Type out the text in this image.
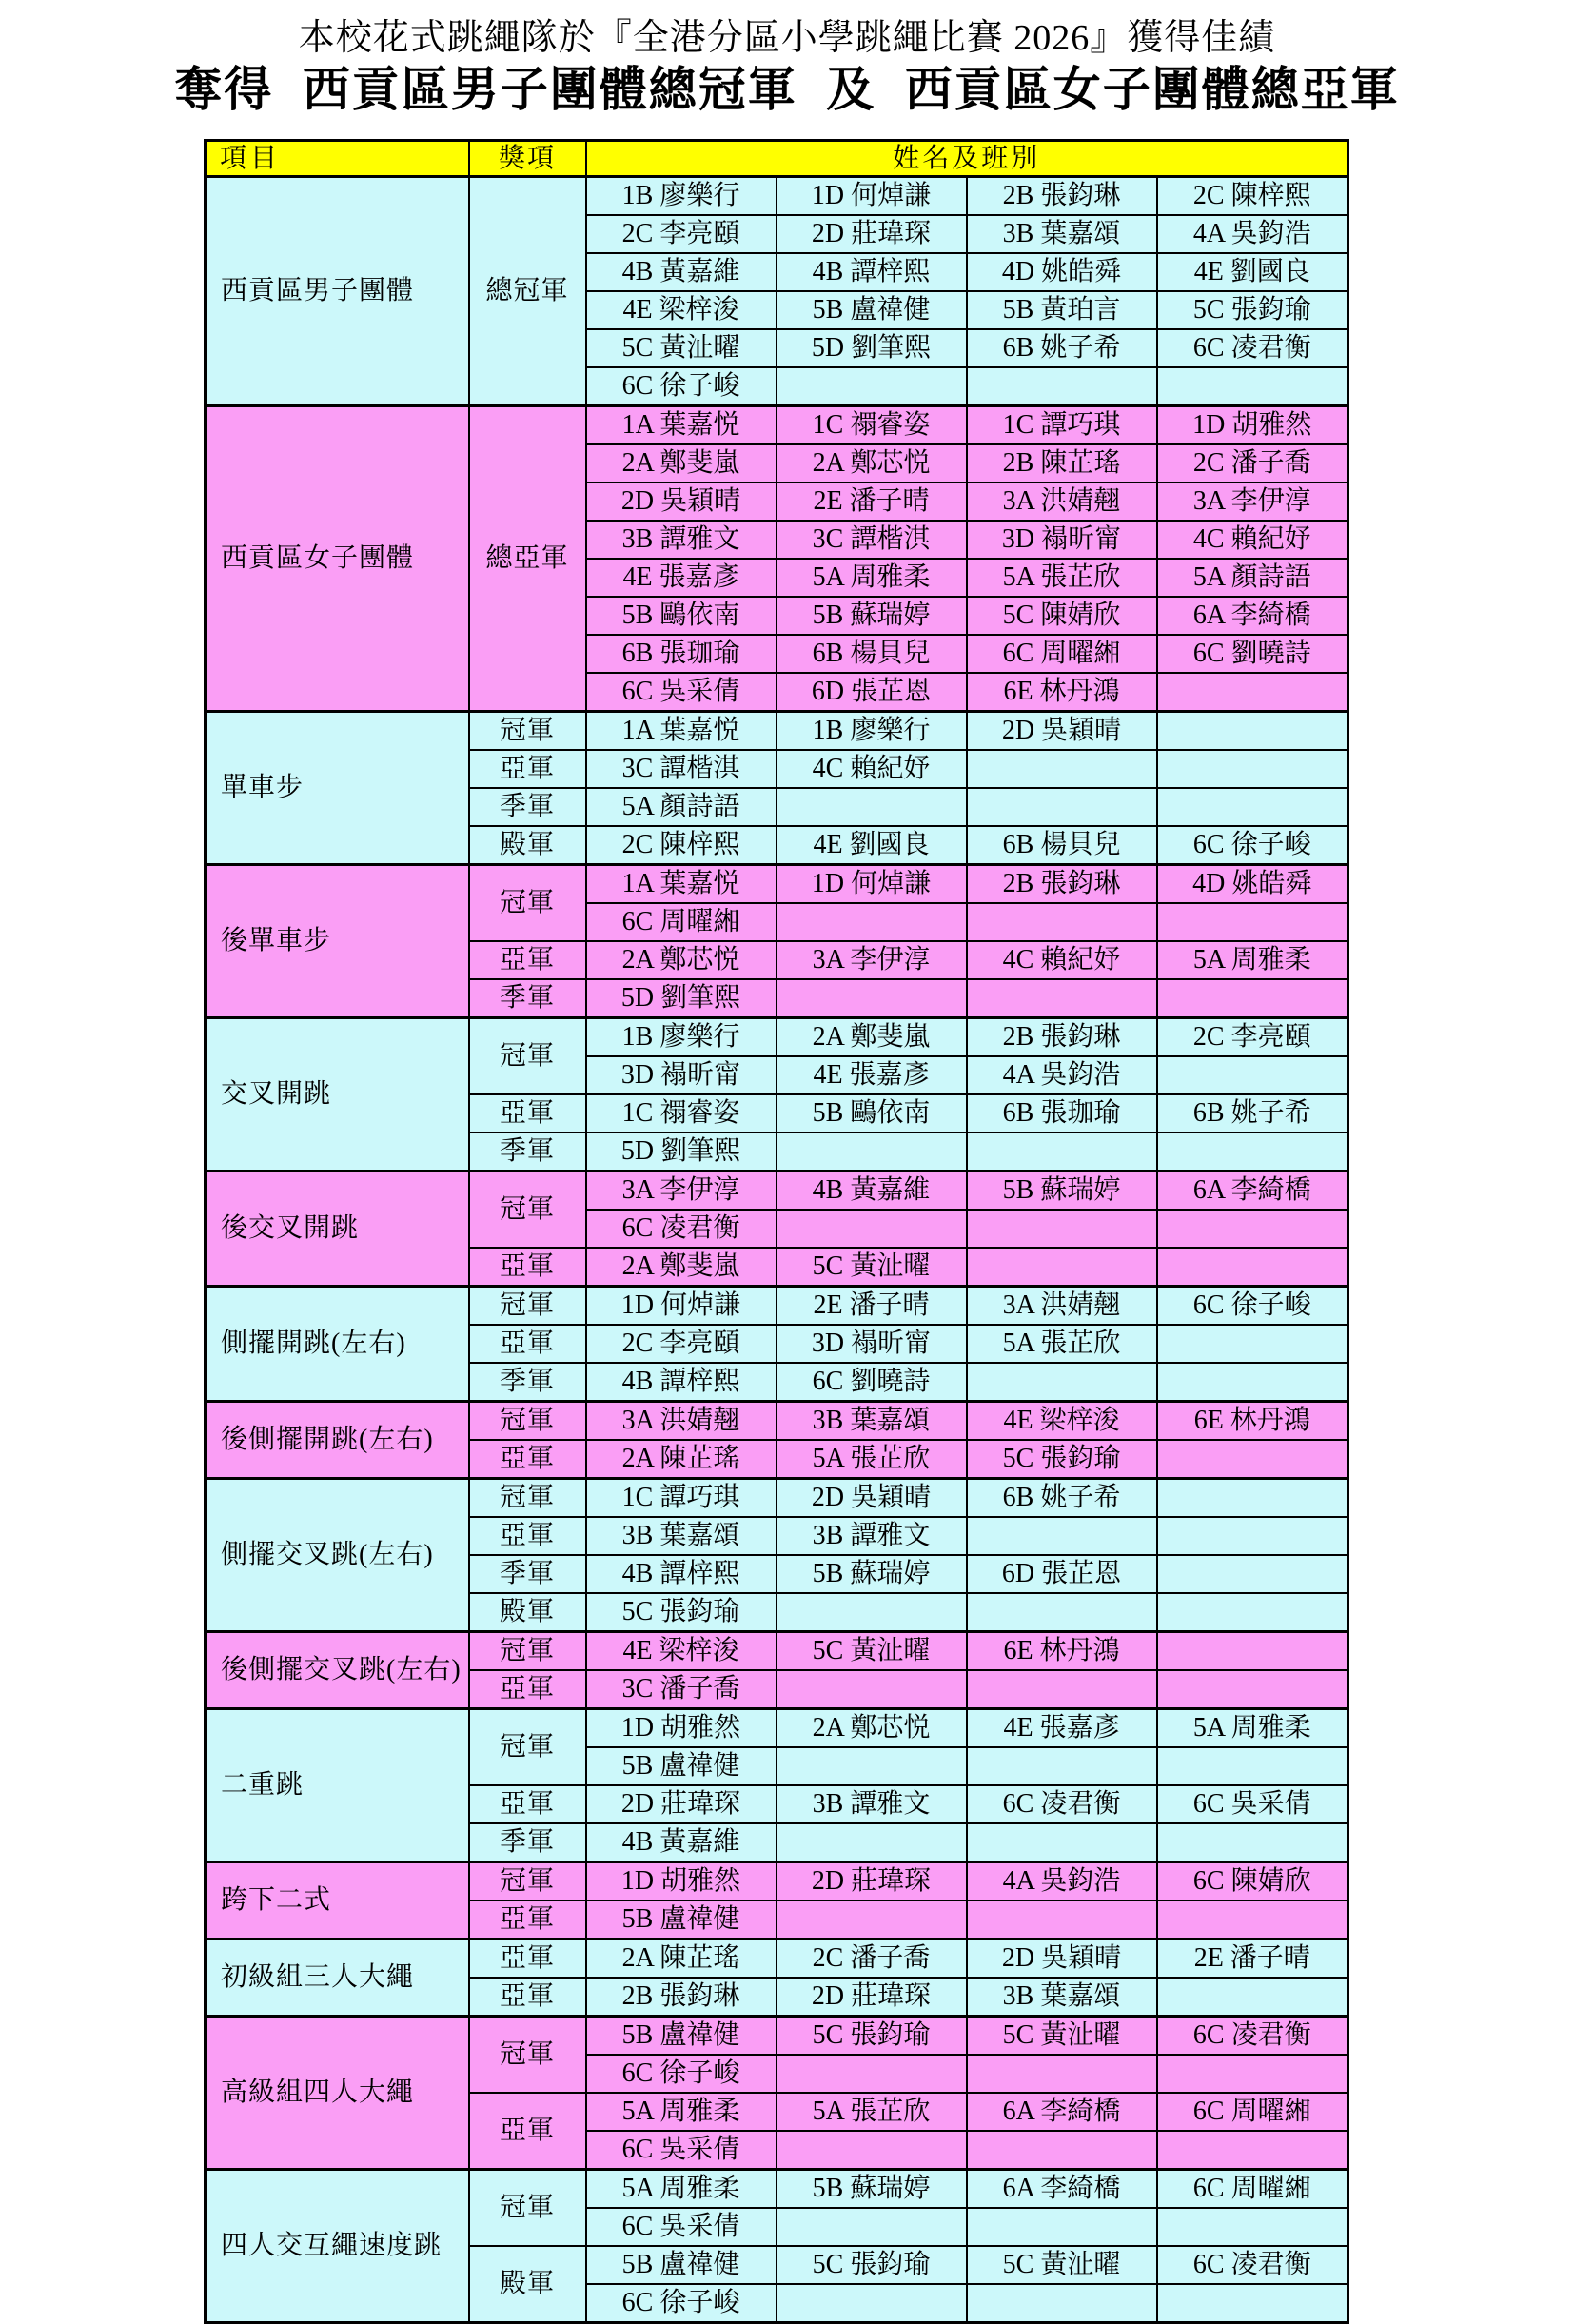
本校花式跳繩隊於『全港分區小學跳繩比賽 2026』獲得佳績
奪得 西貢區男子團體總冠軍 及 西貢區女子團體總亞軍
項目	獎項	姓名及班別			
西貢區男子團體	總冠軍	1B 廖樂行	1D 何焯謙	2B 張鈞琳	2C 陳梓熙
		2C 李亮頤	2D 莊瑋琛	3B 葉嘉頌	4A 吳鈞浩
		4B 黃嘉維	4B 譚梓熙	4D 姚皓舜	4E 劉國良
		4E 梁梓浚	5B 盧禕健	5B 黃珀言	5C 張鈞瑜
		5C 黃沚曜	5D 劉筆熙	6B 姚子希	6C 凌君衡
		6C 徐子峻			
西貢區女子團體	總亞軍	1A 葉嘉悦	1C 禤睿姿	1C 譚巧琪	1D 胡雅然
		2A 鄭斐嵐	2A 鄭芯悦	2B 陳芷瑤	2C 潘子喬
		2D 吳穎晴	2E 潘子晴	3A 洪婧翹	3A 李伊淳
		3B 譚雅文	3C 譚楷淇	3D 褟昕甯	4C 賴紀妤
		4E 張嘉彥	5A 周雅柔	5A 張芷欣	5A 顏詩語
		5B 鷗依南	5B 蘇瑞婷	5C 陳婧欣	6A 李綺橋
		6B 張珈瑜	6B 楊貝兒	6C 周曜緗	6C 劉曉詩
		6C 吳采倩	6D 張芷恩	6E 林丹鴻	
單車步	冠軍	1A 葉嘉悦	1B 廖樂行	2D 吳穎晴	
	亞軍	3C 譚楷淇	4C 賴紀妤		
	季軍	5A 顏詩語			
	殿軍	2C 陳梓熙	4E 劉國良	6B 楊貝兒	6C 徐子峻
後單車步	冠軍	1A 葉嘉悦	1D 何焯謙	2B 張鈞琳	4D 姚皓舜
		6C 周曜緗			
	亞軍	2A 鄭芯悦	3A 李伊淳	4C 賴紀妤	5A 周雅柔
	季軍	5D 劉筆熙			
交叉開跳	冠軍	1B 廖樂行	2A 鄭斐嵐	2B 張鈞琳	2C 李亮頤
		3D 褟昕甯	4E 張嘉彥	4A 吳鈞浩	
	亞軍	1C 禤睿姿	5B 鷗依南	6B 張珈瑜	6B 姚子希
	季軍	5D 劉筆熙			
後交叉開跳	冠軍	3A 李伊淳	4B 黃嘉維	5B 蘇瑞婷	6A 李綺橋
		6C 凌君衡			
	亞軍	2A 鄭斐嵐	5C 黃沚曜		
側擺開跳(左右)	冠軍	1D 何焯謙	2E 潘子晴	3A 洪婧翹	6C 徐子峻
	亞軍	2C 李亮頤	3D 褟昕甯	5A 張芷欣	
	季軍	4B 譚梓熙	6C 劉曉詩		
後側擺開跳(左右)	冠軍	3A 洪婧翹	3B 葉嘉頌	4E 梁梓浚	6E 林丹鴻
	亞軍	2A 陳芷瑤	5A 張芷欣	5C 張鈞瑜	
側擺交叉跳(左右)	冠軍	1C 譚巧琪	2D 吳穎晴	6B 姚子希	
	亞軍	3B 葉嘉頌	3B 譚雅文		
	季軍	4B 譚梓熙	5B 蘇瑞婷	6D 張芷恩	
	殿軍	5C 張鈞瑜			
後側擺交叉跳(左右)	冠軍	4E 梁梓浚	5C 黃沚曜	6E 林丹鴻	
	亞軍	3C 潘子喬			
二重跳	冠軍	1D 胡雅然	2A 鄭芯悦	4E 張嘉彥	5A 周雅柔
		5B 盧禕健			
	亞軍	2D 莊瑋琛	3B 譚雅文	6C 凌君衡	6C 吳采倩
	季軍	4B 黃嘉維			
跨下二式	冠軍	1D 胡雅然	2D 莊瑋琛	4A 吳鈞浩	6C 陳婧欣
	亞軍	5B 盧禕健			
初級組三人大繩	亞軍	2A 陳芷瑤	2C 潘子喬	2D 吳穎晴	2E 潘子晴
	亞軍	2B 張鈞琳	2D 莊瑋琛	3B 葉嘉頌	
高級組四人大繩	冠軍	5B 盧禕健	5C 張鈞瑜	5C 黃沚曜	6C 凌君衡
		6C 徐子峻			
	亞軍	5A 周雅柔	5A 張芷欣	6A 李綺橋	6C 周曜緗
		6C 吳采倩			
四人交互繩速度跳	冠軍	5A 周雅柔	5B 蘇瑞婷	6A 李綺橋	6C 周曜緗
		6C 吳采倩			
	殿軍	5B 盧禕健	5C 張鈞瑜	5C 黃沚曜	6C 凌君衡
		6C 徐子峻			
